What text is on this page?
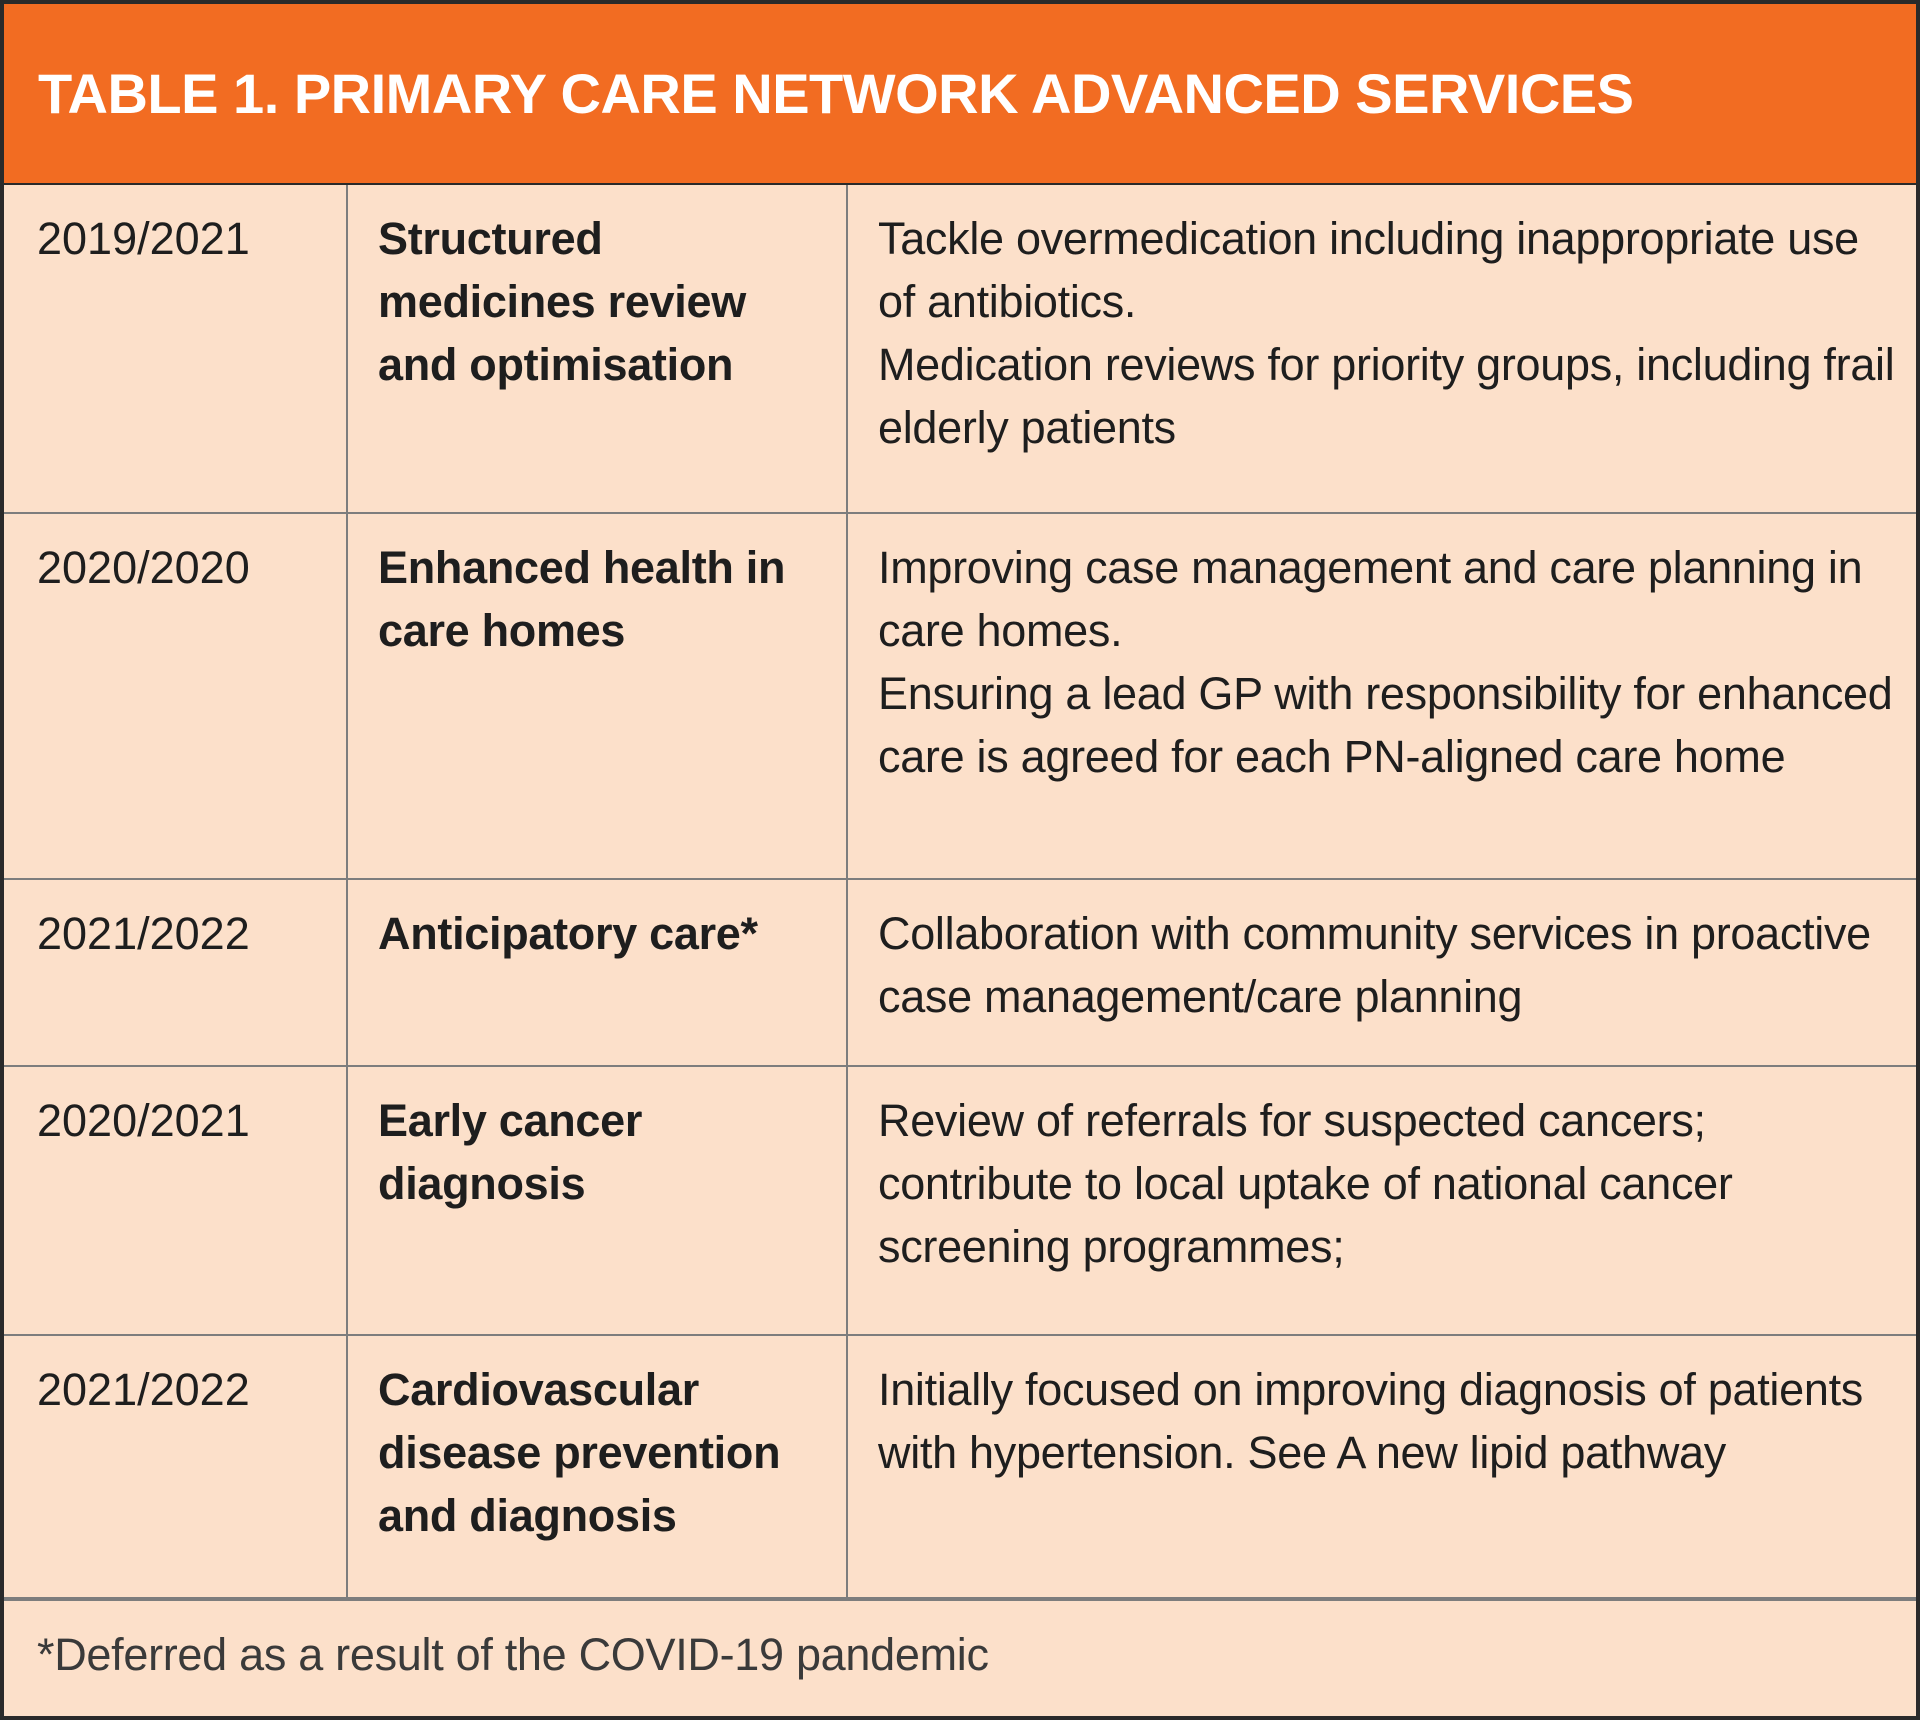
TABLE 1. PRIMARY CARE NETWORK ADVANCED SERVICES
2019/2021	Structured medicines review and optimisation	Tackle overmedication including inappropriate use of antibiotics.
Medication reviews for priority groups, including frail elderly patients

2020/2020	Enhanced health in care homes	Improving case management and care planning in care homes.
Ensuring a lead GP with responsibility for enhanced care is agreed for each PN-aligned care home

2021/2022	Anticipatory care*	Collaboration with community services in proactive case management/care planning

2020/2021	Early cancer diagnosis	Review of referrals for suspected cancers; contribute to local uptake of national cancer screening programmes;

2021/2022	Cardiovascular disease prevention and diagnosis	Initially focused on improving diagnosis of patients with hypertension. See A new lipid pathway
*Deferred as a result of the COVID-19 pandemic
